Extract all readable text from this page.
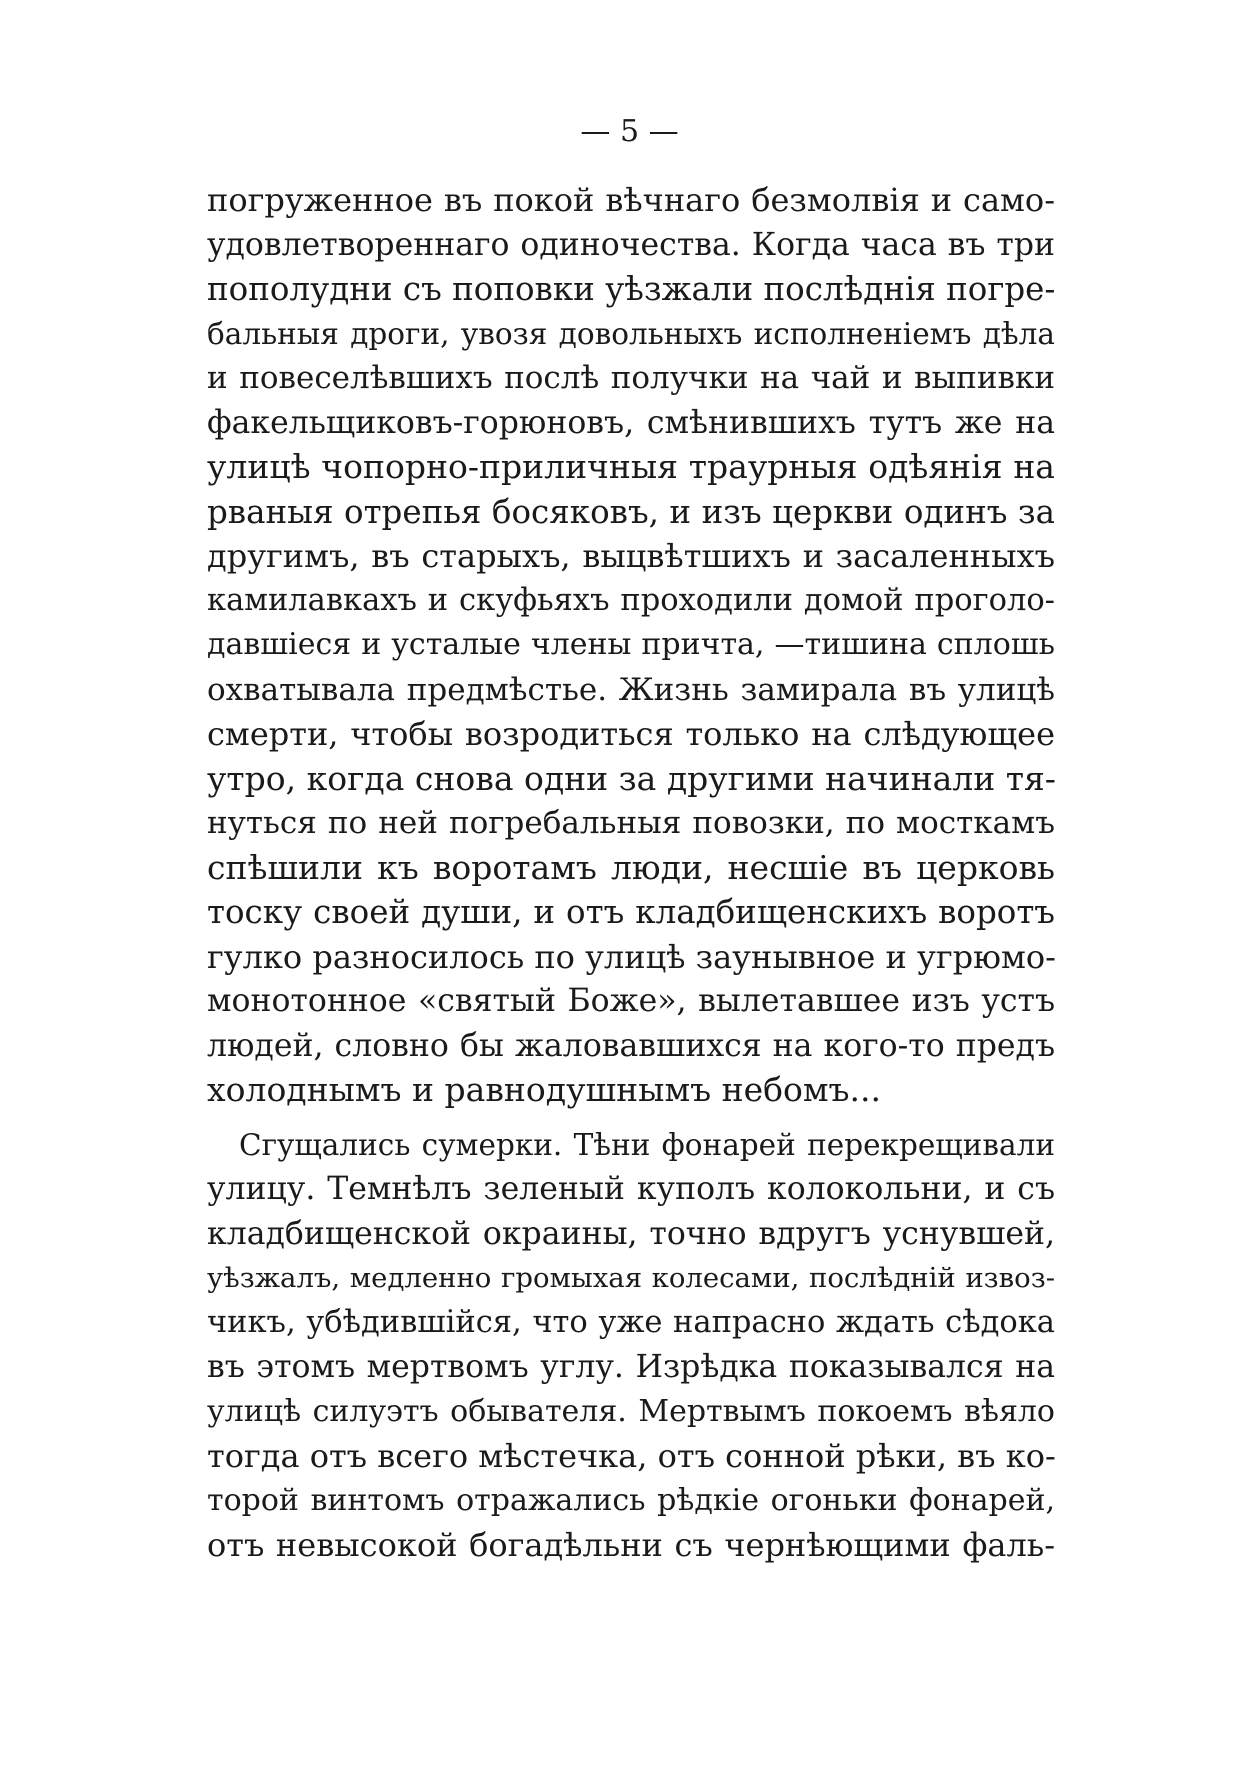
— 5 —
погруженное въ покой вѣчнаго безмолвія и само-
удовлетвореннаго одиночества. Когда часа въ три
пополудни съ поповки уѣзжали послѣднія погре-
бальныя дроги, увозя довольныхъ исполненіемъ дѣла
и повеселѣвшихъ послѣ получки на чай и выпивки
факельщиковъ-горюновъ, смѣнившихъ тутъ же на
улицѣ чопорно-приличныя траурныя одѣянія на
рваныя отрепья босяковъ, и изъ церкви одинъ за
другимъ, въ старыхъ, выцвѣтшихъ и засаленныхъ
камилавкахъ и скуфьяхъ проходили домой проголо-
давшіеся и усталые члены причта, —тишина сплошь
охватывала предмѣстье. Жизнь замирала въ улицѣ
смерти, чтобы возродиться только на слѣдующее
утро, когда снова одни за другими начинали тя-
нуться по ней погребальныя повозки, по мосткамъ
спѣшили къ воротамъ люди, несшіе въ церковь
тоску своей души, и отъ кладбищенскихъ воротъ
гулко разносилось по улицѣ заунывное и угрюмо-
монотонное «святый Боже», вылетавшее изъ устъ
людей, словно бы жаловавшихся на кого-то предъ
холоднымъ и равнодушнымъ небомъ...
Сгущались сумерки. Тѣни фонарей перекрещивали
улицу. Темнѣлъ зеленый куполъ колокольни, и съ
кладбищенской окраины, точно вдругъ уснувшей,
уѣзжалъ, медленно громыхая колесами, послѣдній извоз-
чикъ, убѣдившійся, что уже напрасно ждать сѣдока
въ этомъ мертвомъ углу. Изрѣдка показывался на
улицѣ силуэтъ обывателя. Мертвымъ покоемъ вѣяло
тогда отъ всего мѣстечка, отъ сонной рѣки, въ ко-
торой винтомъ отражались рѣдкіе огоньки фонарей,
отъ невысокой богадѣльни съ чернѣющими фаль-
